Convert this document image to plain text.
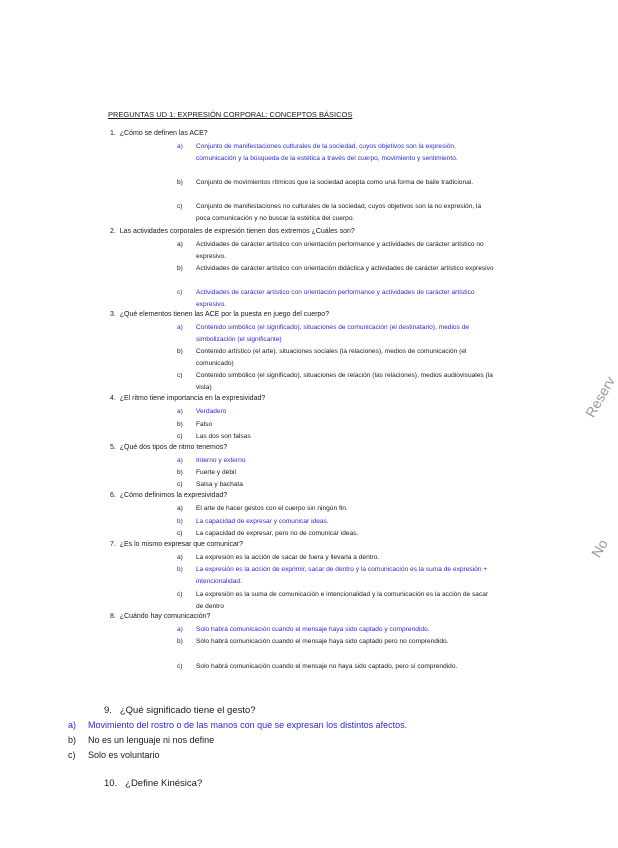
PREGUNTAS UD 1: EXPRESIÓN CORPORAL: CONCEPTOS BÁSICOS
1. ¿Cómo se definen las ACE?
a) Conjunto de manifestaciones culturales de la sociedad, cuyos objetivos son la expresión, comunicación y la búsqueda de la estética a través del cuerpo, movimiento y sentimiento.
b) Conjunto de movimientos rítmicos que la sociedad acepta como una forma de baile tradicional.
c) Conjunto de manifestaciones no culturales de la sociedad, cuyos objetivos son la no expresión, la poca comunicación y no buscar la estética del cuerpo.
2. Las actividades corporales de expresión tienen dos extremos ¿Cuáles son?
a) Actividades de carácter artístico con orientación performance y actividades de carácter artístico no expresivo.
b) Actividades de carácter artístico con orientación didáctica y actividades de carácter artístico expresivo
c) Actividades de carácter artístico con orientación performance y actividades de carácter artístico expresivo.
3. ¿Qué elementos tienen las ACE por la puesta en juego del cuerpo?
a) Contenido simbólico (el significado), situaciones de comunicación (el destinatario), medios de simbolización (el significante)
b) Contenido artístico (el arte), situaciones sociales (la relaciones), medios de comunicación (el comunicado)
c) Contenido simbólico (el significado), situaciones de relación (las relaciones), medios audiovisuales (la vista)
4. ¿El ritmo tiene importancia en la expresividad?
a) Verdadero
b) Falso
c) Las dos son falsas
5. ¿Qué dos tipos de ritmo tenemos?
a) Interno y externo
b) Fuerte y débil
c) Salsa y bachata
6. ¿Cómo definimos la expresividad?
a) El arte de hacer gestos con el cuerpo sin ningún fin.
b) La capacidad de expresar y comunicar ideas.
c) La capacidad de expresar, pero no de comunicar ideas.
7. ¿Es lo mismo expresar que comunicar?
a) La expresión es la acción de sacar de fuera y llevarla a dentro.
b) La expresión es la acción de exprimir, sacar de dentro y la comunicación es la suma de expresión + intencionalidad.
c) La expresión es la suma de comunicación e intencionalidad y la comunicación es la acción de sacar de dentro
8. ¿Cuándo hay comunicación?
a) Solo habrá comunicación cuando el mensaje haya sido captado y comprendido.
b) Sólo habrá comunicación cuando el mensaje haya sido captado pero no comprendido.
c) Solo habrá comunicación cuando el mensaje no haya sido captado, pero sí comprendido.
9. ¿Qué significado tiene el gesto?
a) Movimiento del rostro o de las manos con que se expresan los distintos afectos.
b) No es un lenguaje ni nos define
c) Solo es voluntario
10. ¿Define Kinésica?
Reserv
No
